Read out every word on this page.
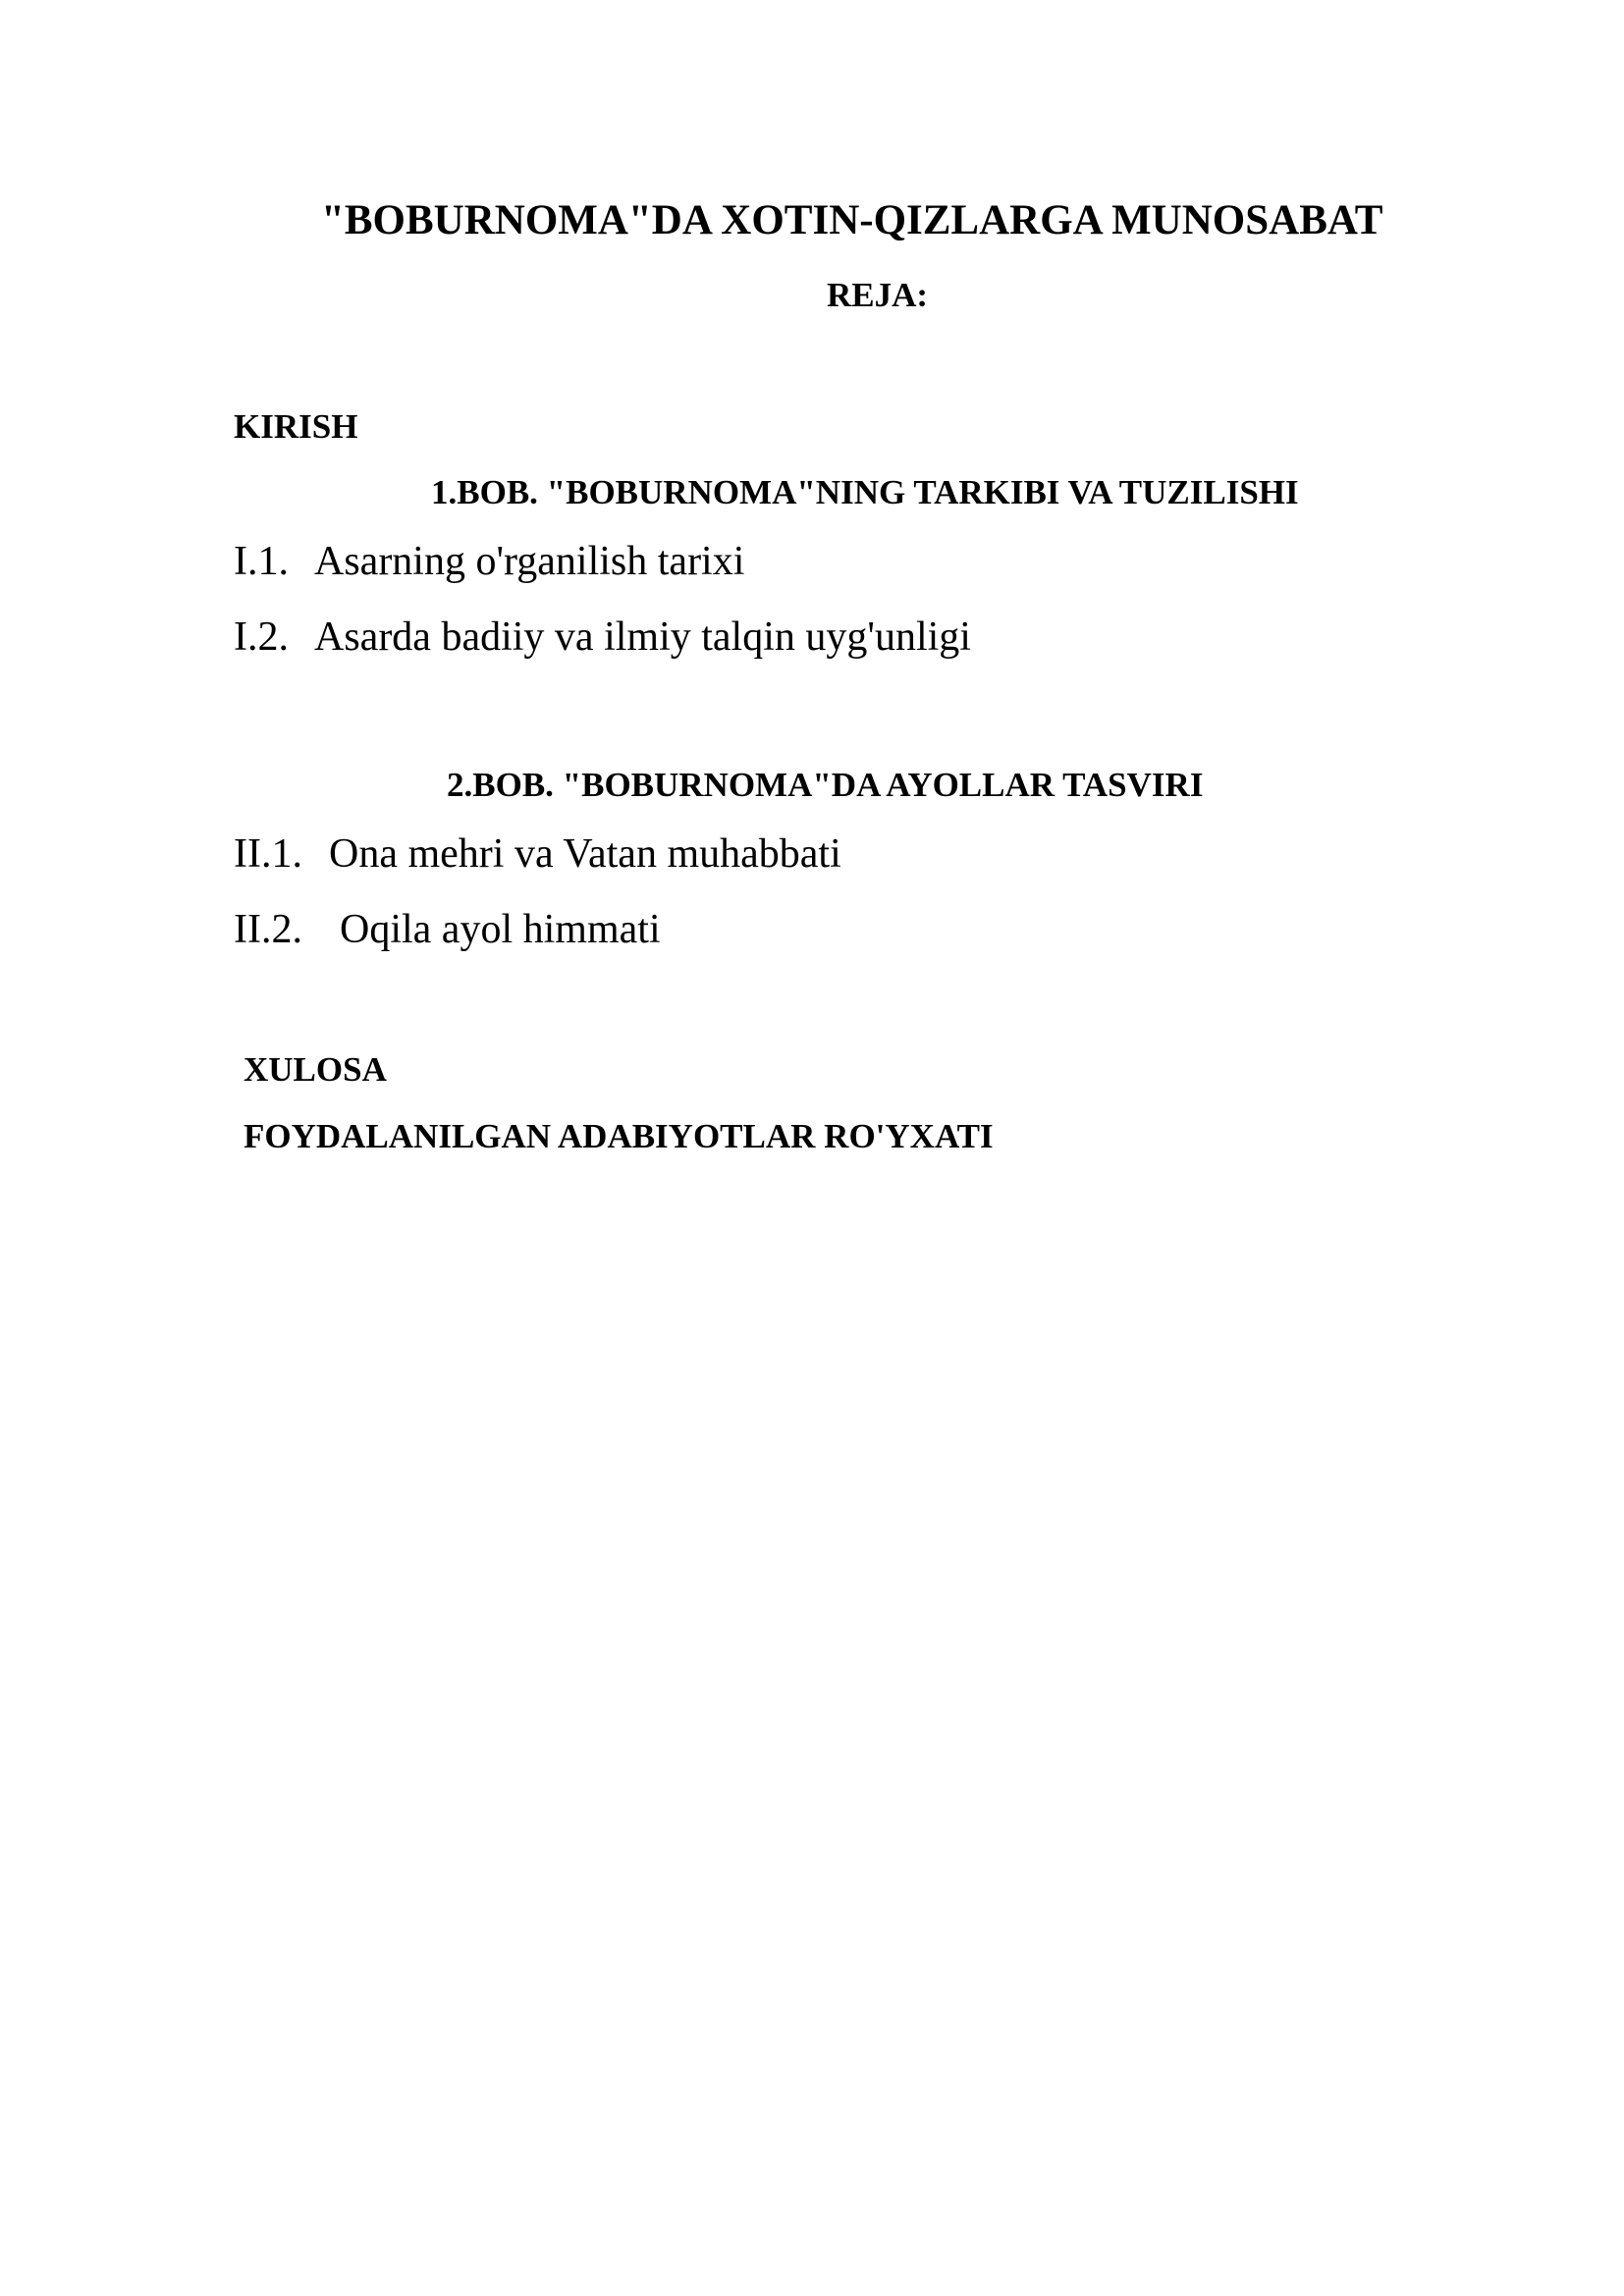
"BOBURNOMA"DA XOTIN-QIZLARGA MUNOSABAT
REJA:
KIRISH
1.BOB. "BOBURNOMA"NING TARKIBI VA TUZILISHI
I.1. Asarning o'rganilish tarixi
I.2. Asarda badiiy va ilmiy talqin uyg'unligi
2.BOB. "BOBURNOMA"DA AYOLLAR TASVIRI
II.1. Ona mehri va Vatan muhabbati
II.2. Oqila ayol himmati
XULOSA
FOYDALANILGAN ADABIYOTLAR RO'YXATI
